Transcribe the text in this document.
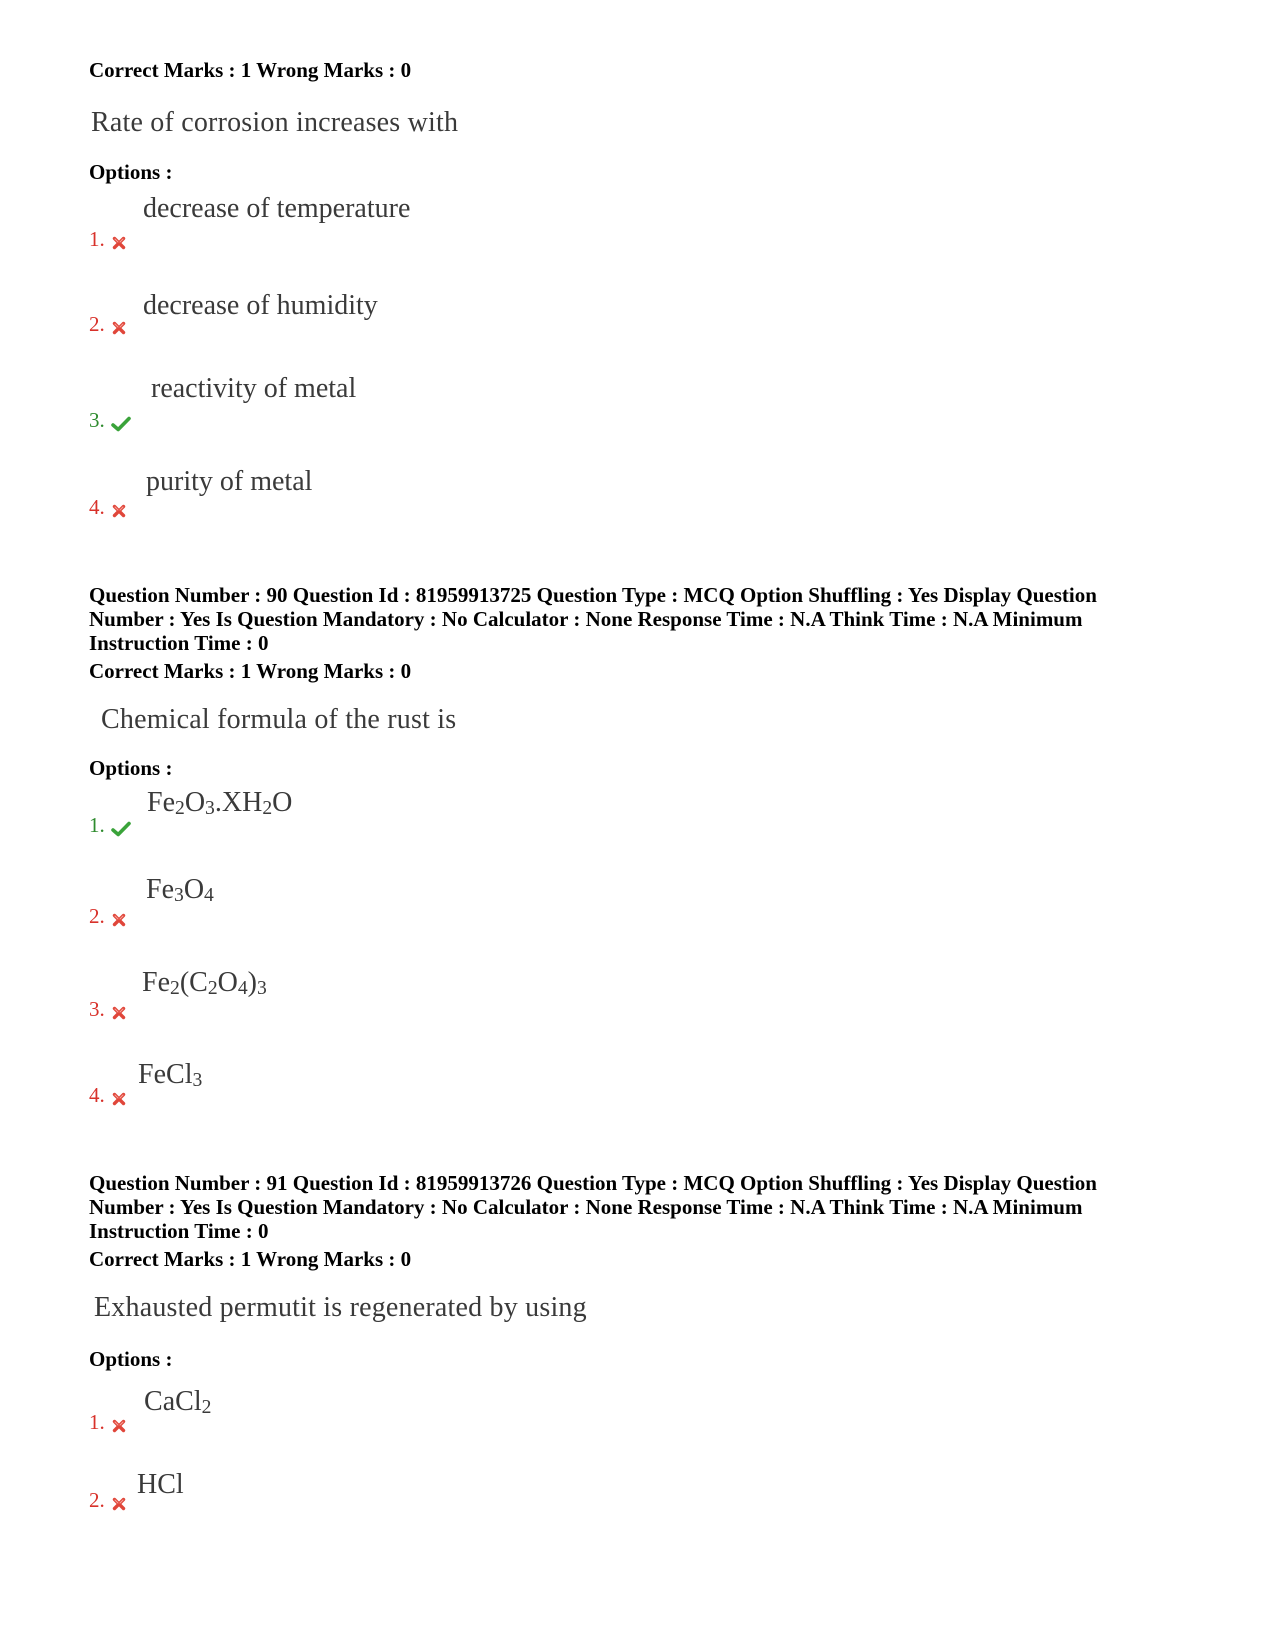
Correct Marks : 1 Wrong Marks : 0
Rate of corrosion increases with
Options :
decrease of temperature
1.
decrease of humidity
2.
reactivity of metal
3.
purity of metal
4.
Question Number : 90 Question Id : 81959913725 Question Type : MCQ Option Shuffling : Yes Display Question
Number : Yes Is Question Mandatory : No Calculator : None Response Time : N.A Think Time : N.A Minimum
Instruction Time : 0
Correct Marks : 1 Wrong Marks : 0
Chemical formula of the rust is
Options :
$Fe_2O_3.XH_2O$
1.
$Fe_3O_4$
2.
$Fe_2(C_2O_4)_3$
3.
FeCl$_3$
4.
Question Number : 91 Question Id : 81959913726 Question Type : MCQ Option Shuffling : Yes Display Question
Number : Yes Is Question Mandatory : No Calculator : None Response Time : N.A Think Time : N.A Minimum
Instruction Time : 0
Correct Marks : 1 Wrong Marks : 0
Exhausted permutit is regenerated by using
Options :
CaCl$_2$
1.
HCl
2.
